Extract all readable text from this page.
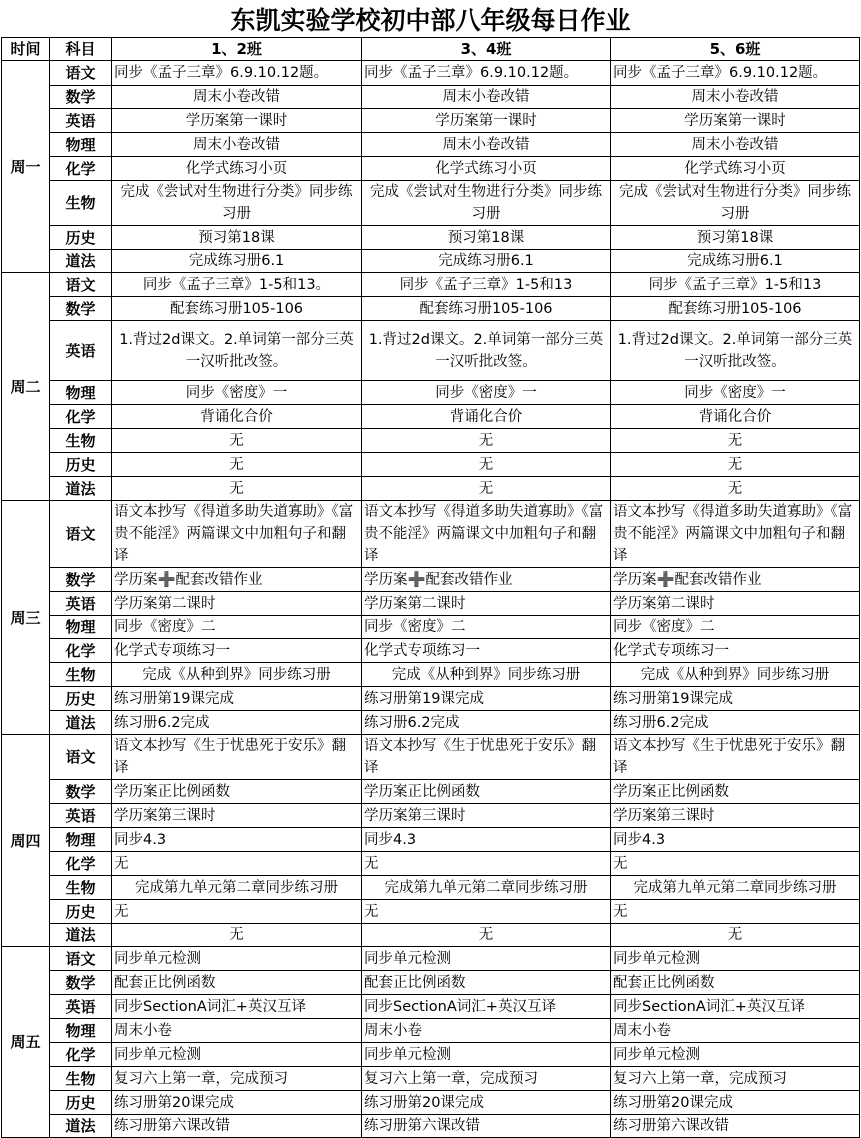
东凯实验学校初中部八年级每日作业
时间	科目	1、2班	3、4班	5、6班
周一	语文	同步《孟子三章》6.9.10.12题。	同步《孟子三章》6.9.10.12题。	同步《孟子三章》6.9.10.12题。
	数学	周末小卷改错	周末小卷改错	周末小卷改错
	英语	学历案第一课时	学历案第一课时	学历案第一课时
	物理	周末小卷改错	周末小卷改错	周末小卷改错
	化学	化学式练习小页	化学式练习小页	化学式练习小页
	生物	完成《尝试对生物进行分类》同步练习册	完成《尝试对生物进行分类》同步练习册	完成《尝试对生物进行分类》同步练习册
	历史	预习第18课	预习第18课	预习第18课
	道法	完成练习册6.1	完成练习册6.1	完成练习册6.1
周二	语文	同步《孟子三章》1-5和13。	同步《孟子三章》1-5和13	同步《孟子三章》1-5和13
	数学	配套练习册105-106	配套练习册105-106	配套练习册105-106
	英语	1.背过2d课文。2.单词第一部分三英一汉听批改签。	1.背过2d课文。2.单词第一部分三英一汉听批改签。	1.背过2d课文。2.单词第一部分三英一汉听批改签。
	物理	同步《密度》一	同步《密度》一	同步《密度》一
	化学	背诵化合价	背诵化合价	背诵化合价
	生物	无	无	无
	历史	无	无	无
	道法	无	无	无
周三	语文	语文本抄写《得道多助失道寡助》《富贵不能淫》两篇课文中加粗句子和翻译	语文本抄写《得道多助失道寡助》《富贵不能淫》两篇课文中加粗句子和翻译	语文本抄写《得道多助失道寡助》《富贵不能淫》两篇课文中加粗句子和翻译
	数学	学历案➕配套改错作业	学历案➕配套改错作业	学历案➕配套改错作业
	英语	学历案第二课时	学历案第二课时	学历案第二课时
	物理	同步《密度》二	同步《密度》二	同步《密度》二
	化学	化学式专项练习一	化学式专项练习一	化学式专项练习一
	生物	完成《从种到界》同步练习册	完成《从种到界》同步练习册	完成《从种到界》同步练习册
	历史	练习册第19课完成	练习册第19课完成	练习册第19课完成
	道法	练习册6.2完成	练习册6.2完成	练习册6.2完成
周四	语文	语文本抄写《生于忧患死于安乐》翻译	语文本抄写《生于忧患死于安乐》翻译	语文本抄写《生于忧患死于安乐》翻译
	数学	学历案正比例函数	学历案正比例函数	学历案正比例函数
	英语	学历案第三课时	学历案第三课时	学历案第三课时
	物理	同步4.3	同步4.3	同步4.3
	化学	无	无	无
	生物	完成第九单元第二章同步练习册	完成第九单元第二章同步练习册	完成第九单元第二章同步练习册
	历史	无	无	无
	道法	无	无	无
周五	语文	同步单元检测	同步单元检测	同步单元检测
	数学	配套正比例函数	配套正比例函数	配套正比例函数
	英语	同步SectionA词汇+英汉互译	同步SectionA词汇+英汉互译	同步SectionA词汇+英汉互译
	物理	周末小卷	周末小卷	周末小卷
	化学	同步单元检测	同步单元检测	同步单元检测
	生物	复习六上第一章，完成预习	复习六上第一章，完成预习	复习六上第一章，完成预习
	历史	练习册第20课完成	练习册第20课完成	练习册第20课完成
	道法	练习册第六课改错	练习册第六课改错	练习册第六课改错
